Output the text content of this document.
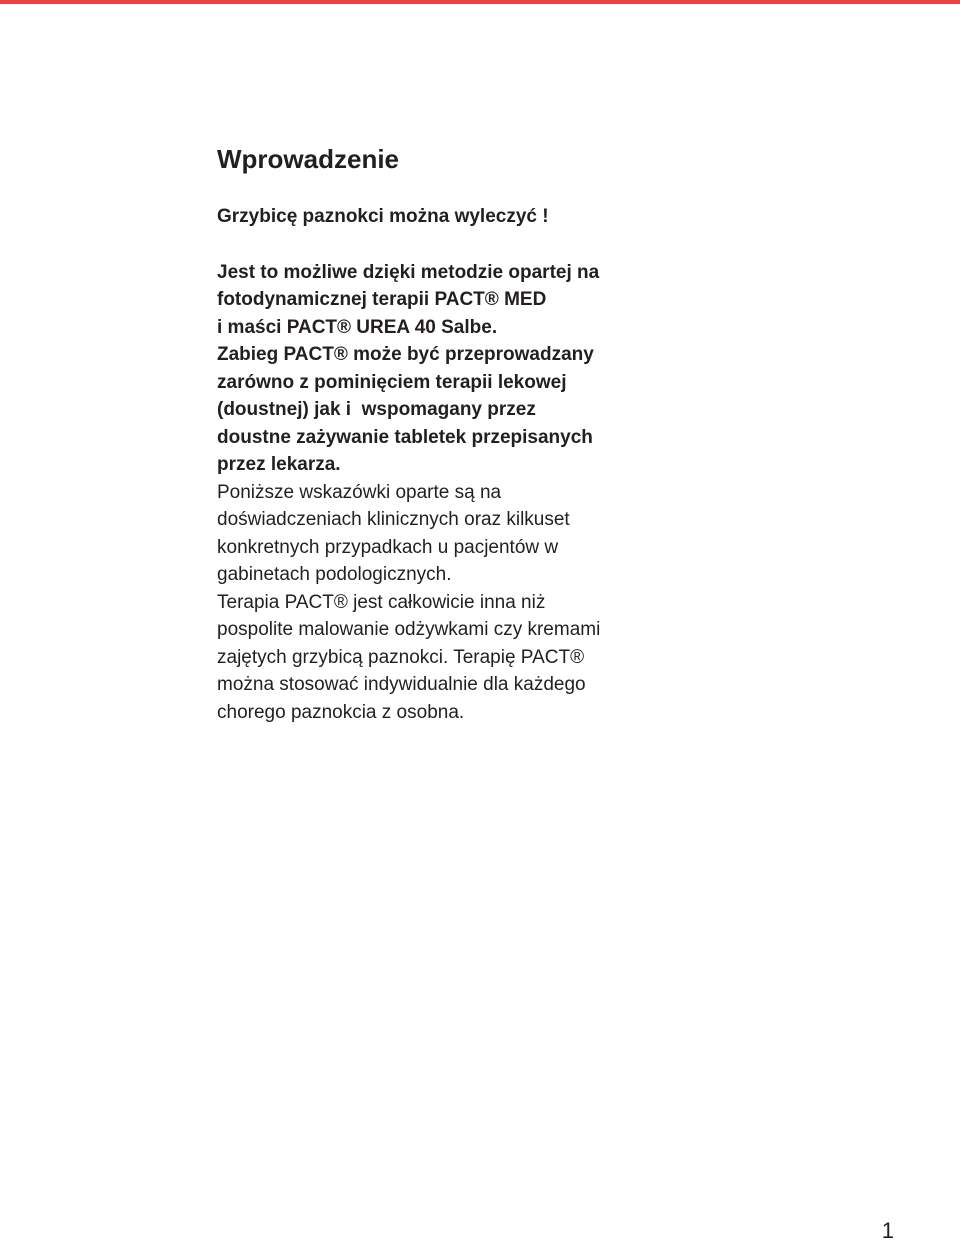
Wprowadzenie

Grzybicę paznokci można wyleczyć !

Jest to możliwe dzięki metodzie opartej na
fotodynamicznej terapii PACT® MED
i maści PACT® UREA 40 Salbe.
Zabieg PACT® może być przeprowadzany
zarówno z pominięciem terapii lekowej
(doustnej) jak i  wspomagany przez
doustne zażywanie tabletek przepisanych
przez lekarza.
Poniższe wskazówki oparte są na
doświadczeniach klinicznych oraz kilkuset
konkretnych przypadkach u pacjentów w
gabinetach podologicznych.
Terapia PACT® jest całkowicie inna niż
pospolite malowanie odżywkami czy kremami
zajętych grzybicą paznokci. Terapię PACT®
można stosować indywidualnie dla każdego
chorego paznokcia z osobna.
1
